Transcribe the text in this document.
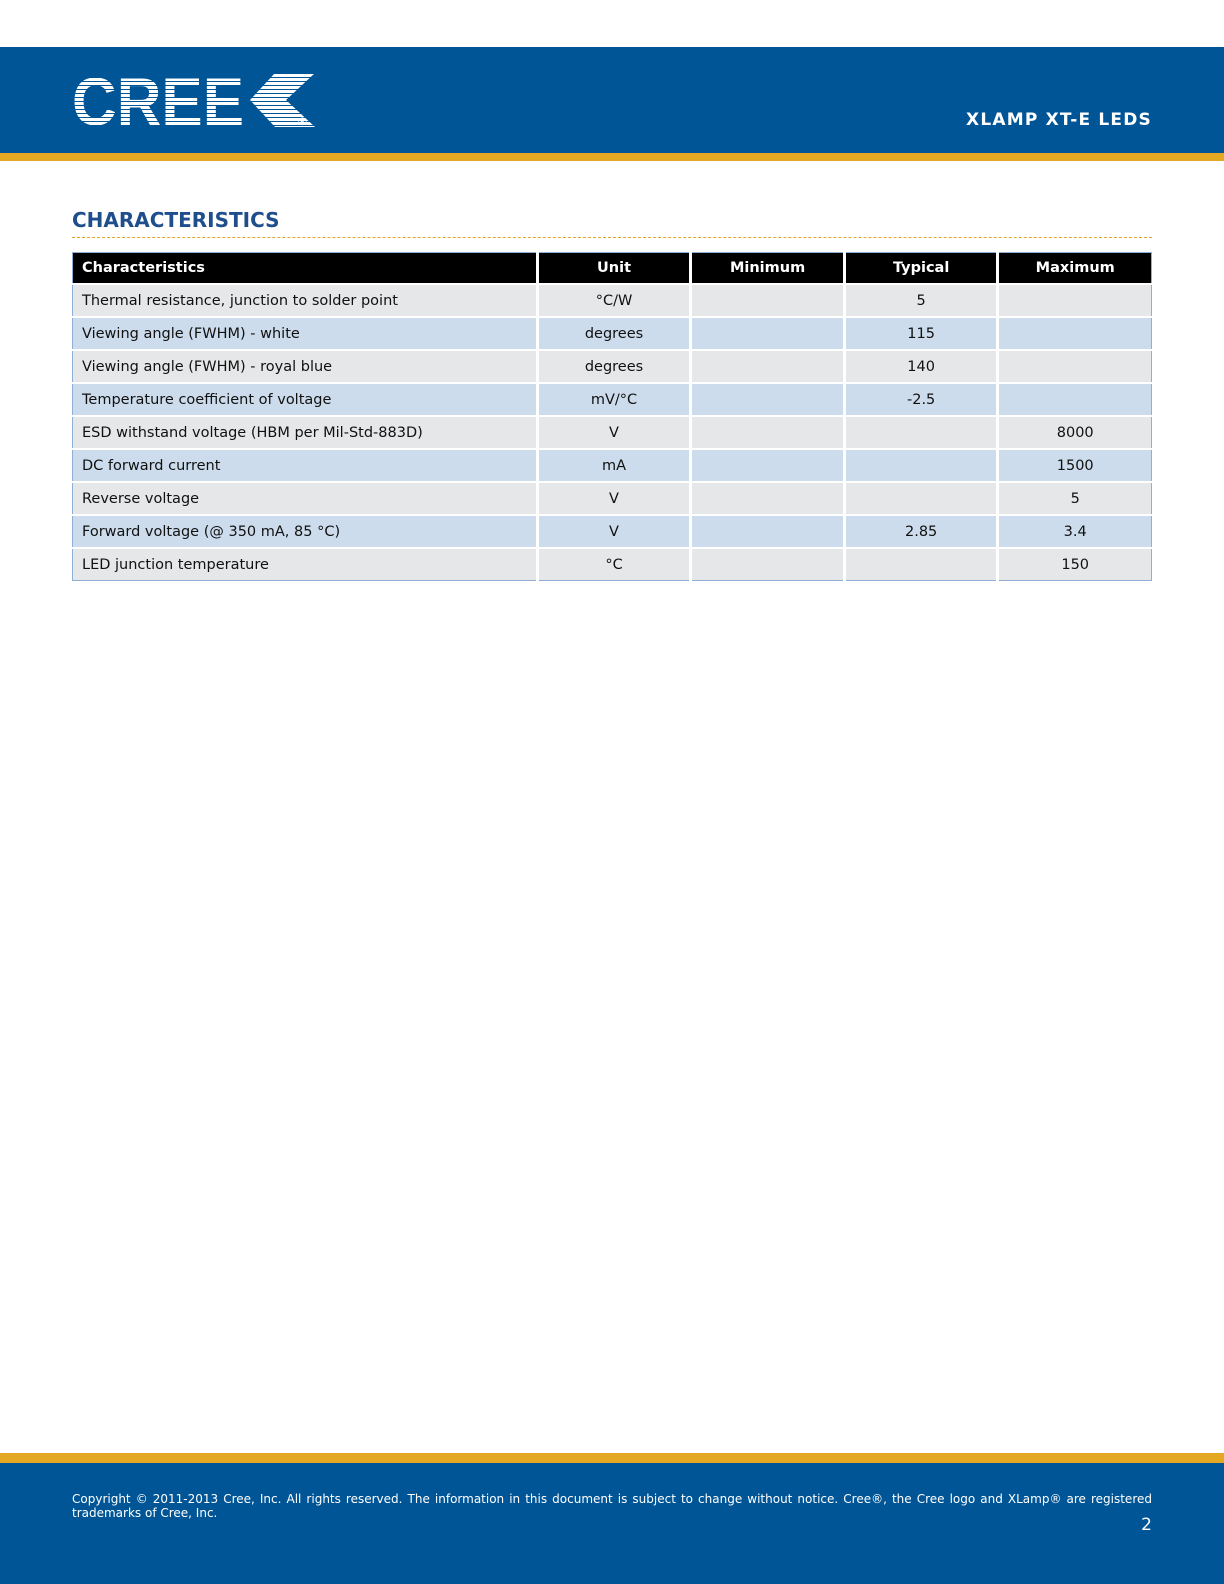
CREE	®	XLAMP XT-E LEDS
CHARACTERISTICS
Characteristics	Unit	Minimum	Typical	Maximum
Thermal resistance, junction to solder point	°C/W		5	
Viewing angle (FWHM) - white	degrees		115	
Viewing angle (FWHM) - royal blue	degrees		140	
Temperature coefficient of voltage	mV/°C		-2.5	
ESD withstand voltage (HBM per Mil-Std-883D)	V			8000
DC forward current	mA			1500
Reverse voltage	V			5
Forward voltage (@ 350 mA, 85 °C)	V		2.85	3.4
LED junction temperature	°C			150

Copyright © 2011-2013 Cree, Inc. All rights reserved. The information in this document is subject to change without notice. Cree®, the Cree logo and XLamp® are registered trademarks of Cree, Inc.

2
